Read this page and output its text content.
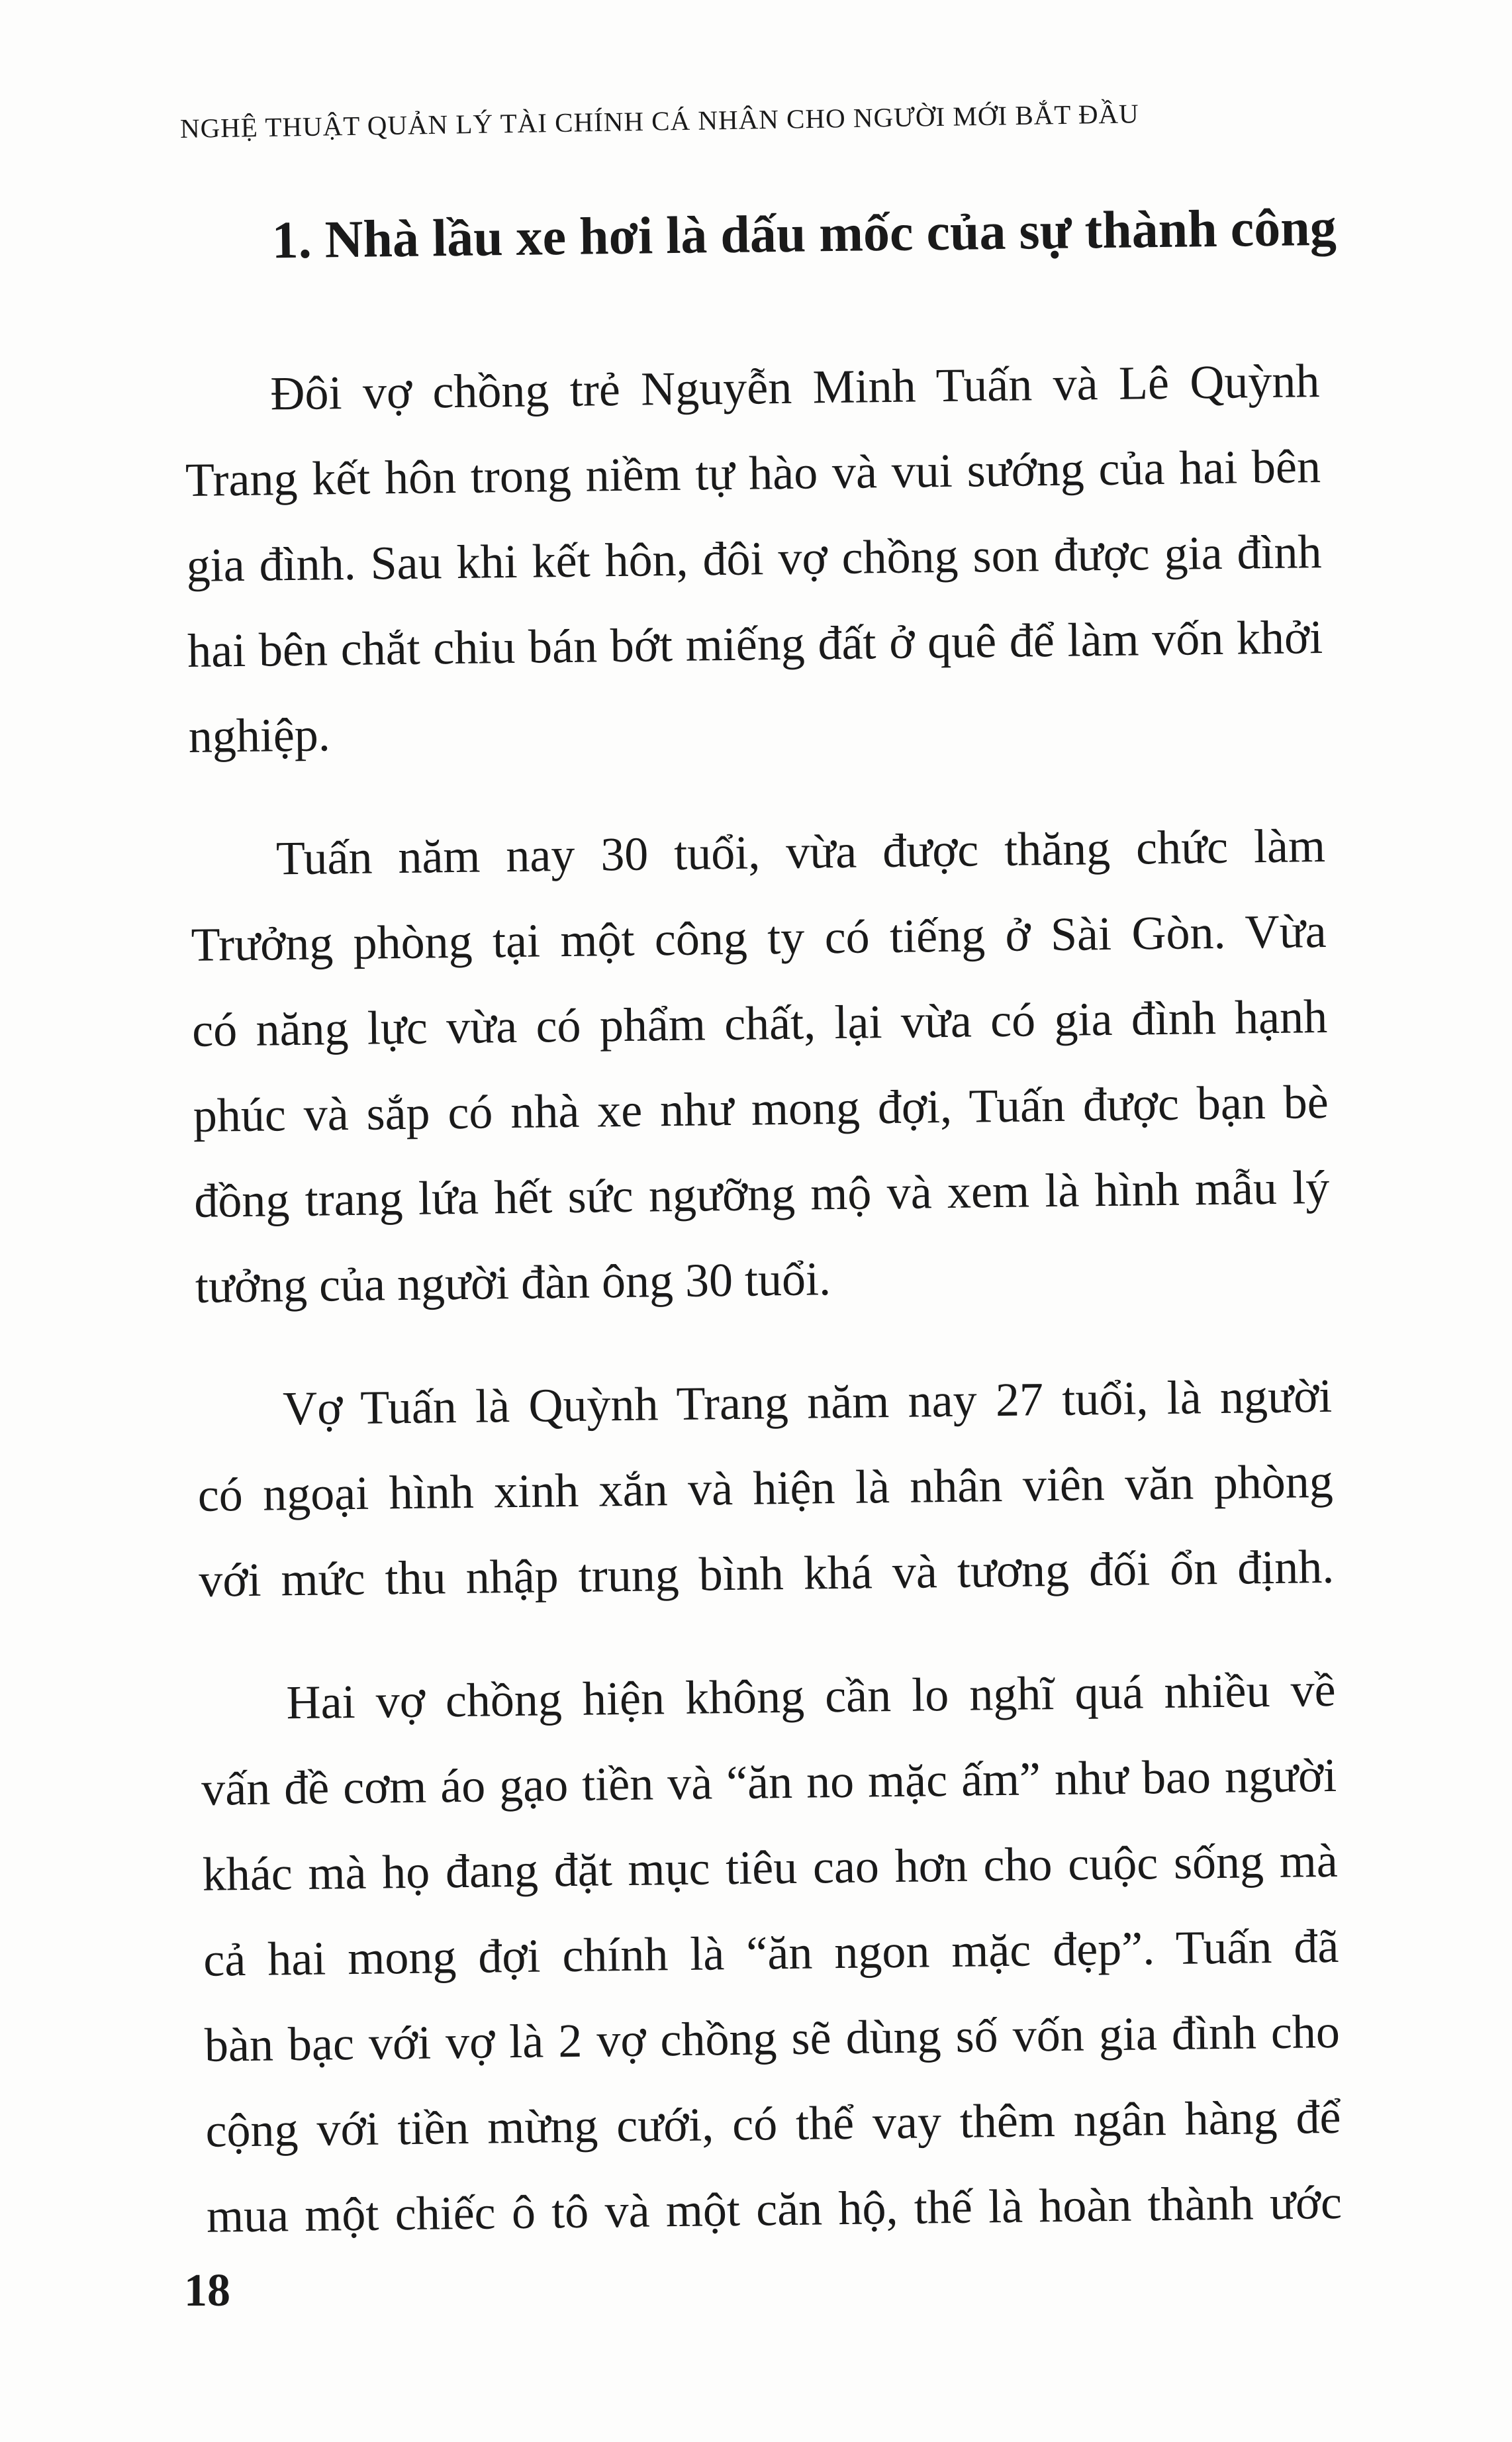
NGHỆ THUẬT QUẢN LÝ TÀI CHÍNH CÁ NHÂN CHO NGƯỜI MỚI BẮT ĐẦU
1. Nhà lầu xe hơi là dấu mốc của sự thành công
Đôi vợ chồng trẻ Nguyễn Minh Tuấn và Lê Quỳnh
Trang kết hôn trong niềm tự hào và vui sướng của hai bên
gia đình. Sau khi kết hôn, đôi vợ chồng son được gia đình
hai bên chắt chiu bán bớt miếng đất ở quê để làm vốn khởi
nghiệp.
Tuấn năm nay 30 tuổi, vừa được thăng chức làm
Trưởng phòng tại một công ty có tiếng ở Sài Gòn. Vừa
có năng lực vừa có phẩm chất, lại vừa có gia đình hạnh
phúc và sắp có nhà xe như mong đợi, Tuấn được bạn bè
đồng trang lứa hết sức ngưỡng mộ và xem là hình mẫu lý
tưởng của người đàn ông 30 tuổi.
Vợ Tuấn là Quỳnh Trang năm nay 27 tuổi, là người
có ngoại hình xinh xắn và hiện là nhân viên văn phòng
với mức thu nhập trung bình khá và tương đối ổn định.
Hai vợ chồng hiện không cần lo nghĩ quá nhiều về
vấn đề cơm áo gạo tiền và “ăn no mặc ấm” như bao người
khác mà họ đang đặt mục tiêu cao hơn cho cuộc sống mà
cả hai mong đợi chính là “ăn ngon mặc đẹp”. Tuấn đã
bàn bạc với vợ là 2 vợ chồng sẽ dùng số vốn gia đình cho
cộng với tiền mừng cưới, có thể vay thêm ngân hàng để
mua một chiếc ô tô và một căn hộ, thế là hoàn thành ước
18
